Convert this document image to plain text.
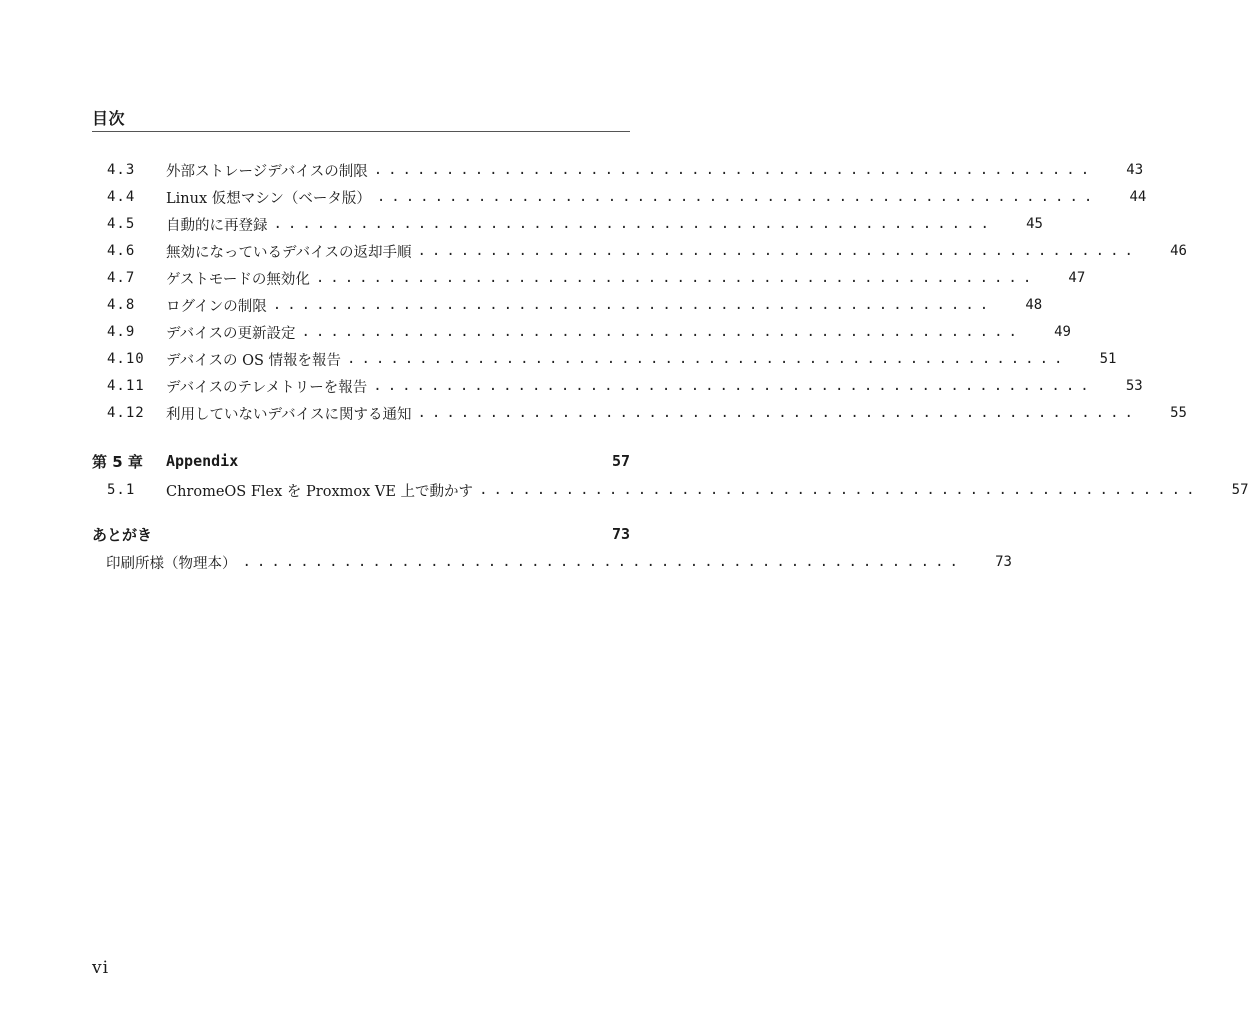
目次
4.3	外部ストレージデバイスの制限 ..................................................	43
4.4	Linux 仮想マシン（ベータ版） ..................................................	44
4.5	自動的に再登録 ..................................................	45
4.6	無効になっているデバイスの返却手順 ..................................................	46
4.7	ゲストモードの無効化 ..................................................	47
4.8	ログインの制限 ..................................................	48
4.9	デバイスの更新設定 ..................................................	49
4.10	デバイスの OS 情報を報告 ..................................................	51
4.11	デバイスのテレメトリーを報告 ..................................................	53
4.12	利用していないデバイスに関する通知 ..................................................	55
第 5 章	Appendix	57
5.1	ChromeOS Flex を Proxmox VE 上で動かす ..................................................	57
あとがき	73
印刷所様（物理本） ..................................................	73
vi
